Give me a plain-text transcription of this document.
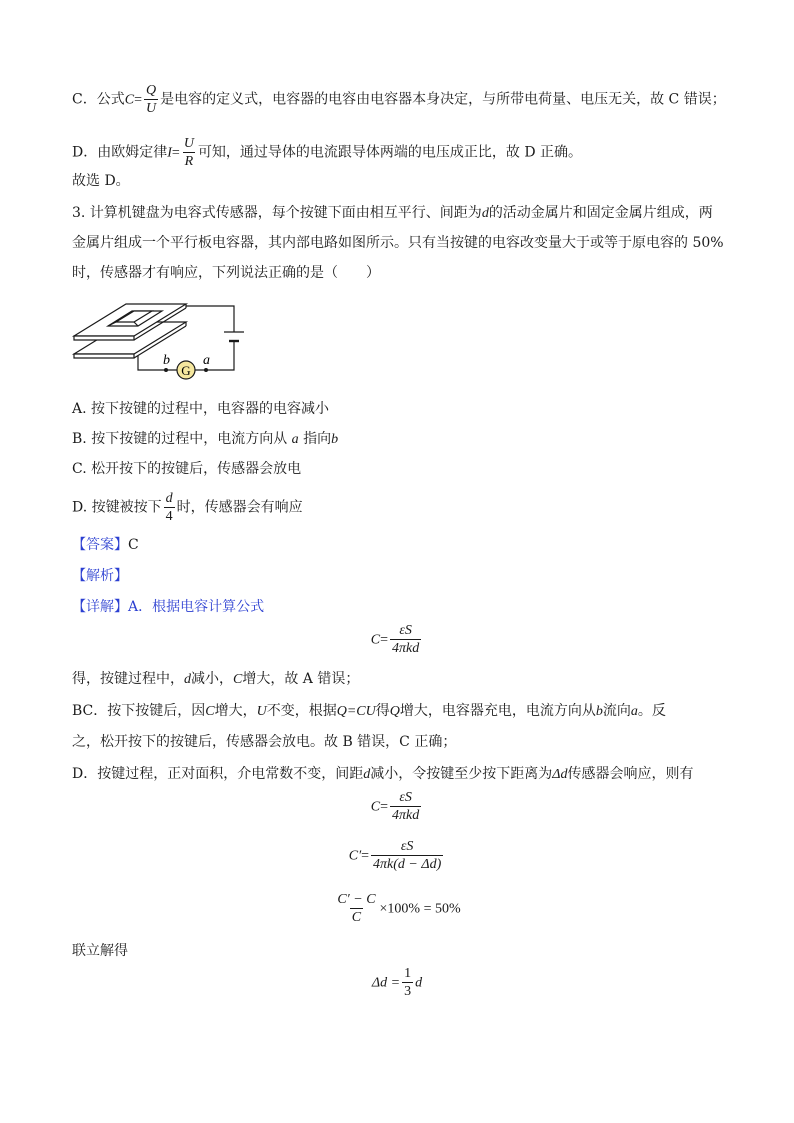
C．公式$C= \frac{Q}{U}$ 是电容的定义式，电容器的电容由电容器本身决定，与所带电荷量、电压无关，故 C 错误；
D．由欧姆定律$I= \frac{U}{R}$ 可知，通过导体的电流跟导体两端的电压成正比，故 D 正确。
故选 D。
3. 计算机键盘为电容式传感器，每个按键下面由相互平行、间距为d的活动金属片和固定金属片组成，两
金属片组成一个平行板电容器，其内部电路如图所示。只有当按键的电容改变量大于或等于原电容的 50%
时，传感器才有响应，下列说法正确的是（　　）
G
b a
A. 按下按键的过程中，电容器的电容减小
B. 按下按键的过程中，电流方向从 a 指向b
C. 松开按下的按键后，传感器会放电
D. 按键被按下 $\frac{d}{4}$ 时，传感器会有响应
【答案】C
【解析】
【详解】A．根据电容计算公式
$C= \frac{\varepsilon S}{\text{4πkd}}$
得，按键过程中，d减小，C增大，故 A 错误；
BC．按下按键后，因C增大，U不变，根据Q=CU得Q增大，电容器充电，电流方向从b流向a。反
之，松开按下的按键后，传感器会放电。故 B 错误，C 正确；
D．按键过程，正对面积，介电常数不变，间距d减小，令按键至少按下距离为Δd传感器会响应，则有
$C= \frac{\varepsilon S}{\text{4πkd}}$
$C'= \frac{\varepsilon S}{4\pi k(d - \Delta d)}$
$\frac{C' - C}{C} \times 100\% = 50\%$
联立解得
$\Delta d = \frac{1}{3}$ d
